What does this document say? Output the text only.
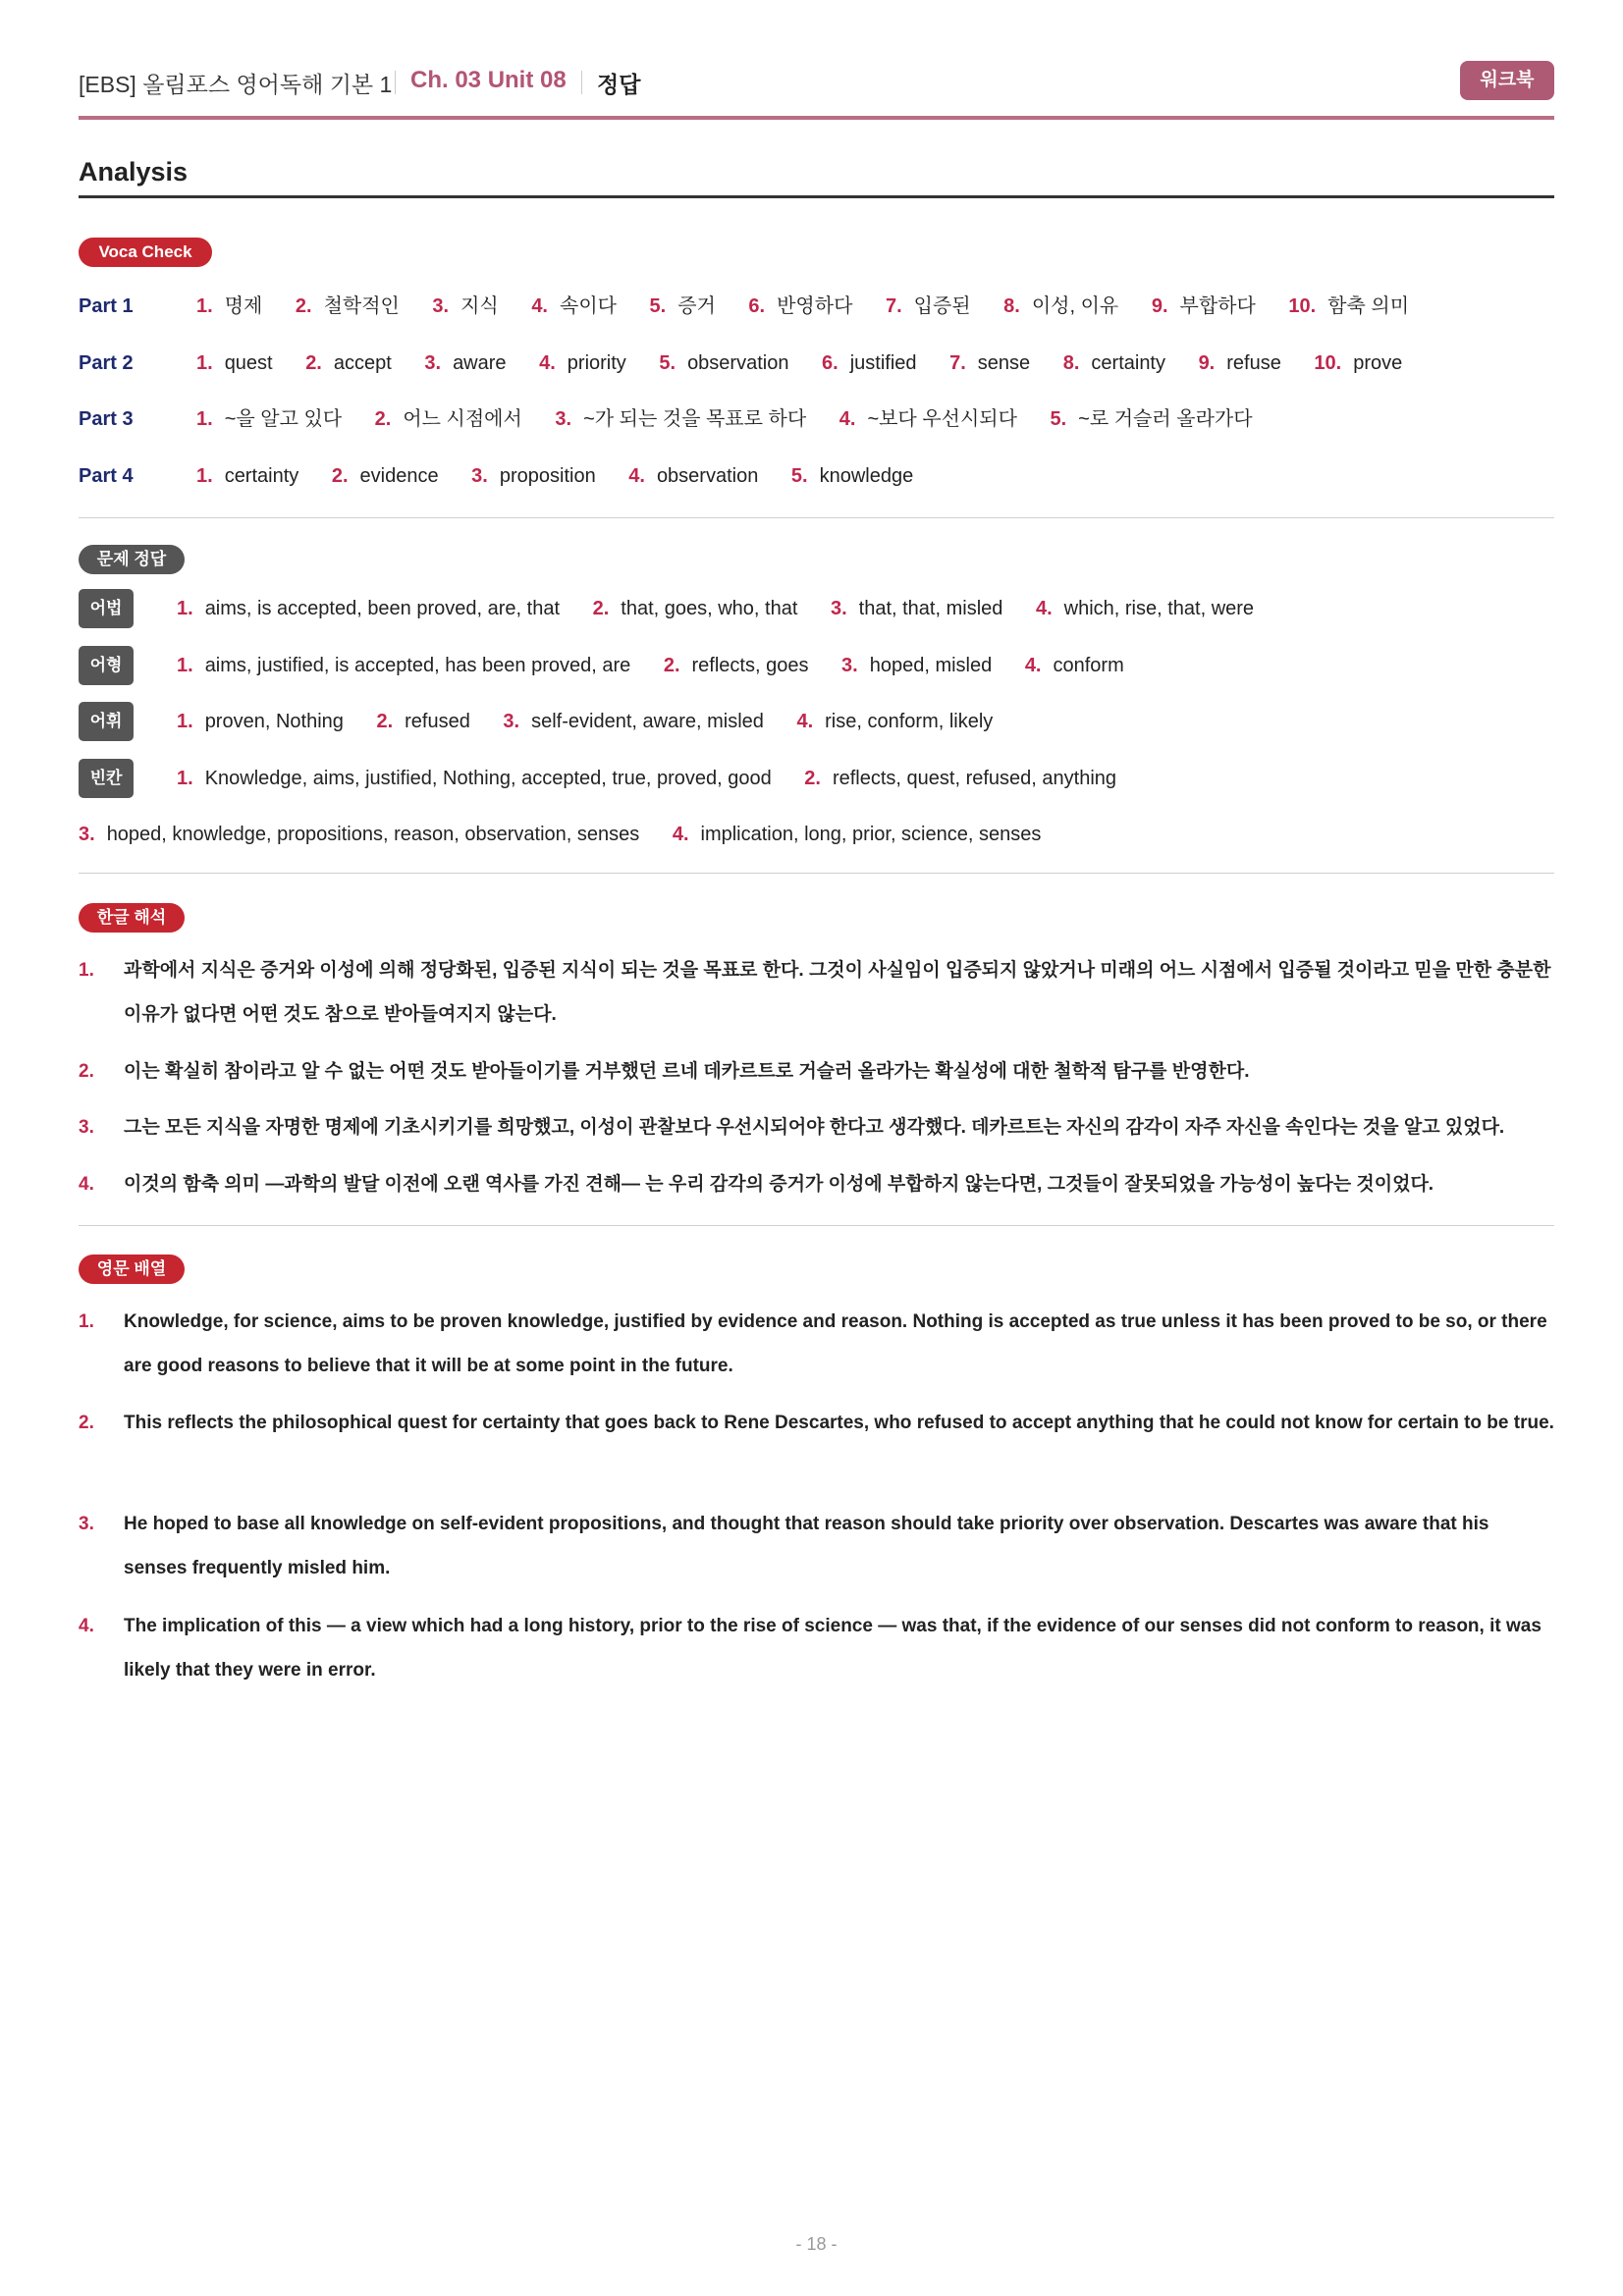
[EBS] 올림포스 영어독해 기본 1 Ch. 03 Unit 08 정답	워크북
Analysis
Voca Check
Part 1	1. 명제 2. 철학적인 3. 지식 4. 속이다 5. 증거 6. 반영하다 7. 입증된 8. 이성, 이유 9. 부합하다 10. 함축 의미
Part 2	1. quest 2. accept 3. aware 4. priority 5. observation 6. justified 7. sense 8. certainty 9. refuse 10. prove
Part 3	1. ~을 알고 있다 2. 어느 시점에서 3. ~가 되는 것을 목표로 하다 4. ~보다 우선시되다 5. ~로 거슬러 올라가다
Part 4	1. certainty 2. evidence 3. proposition 4. observation 5. knowledge
문제 정답
어법	1. aims, is accepted, been proved, are, that 2. that, goes, who, that 3. that, that, misled 4. which, rise, that, were
어형	1. aims, justified, is accepted, has been proved, are 2. reflects, goes 3. hoped, misled 4. conform
어휘	1. proven, Nothing 2. refused 3. self-evident, aware, misled 4. rise, conform, likely
빈칸	1. Knowledge, aims, justified, Nothing, accepted, true, proved, good 2. reflects, quest, refused, anything
3. hoped, knowledge, propositions, reason, observation, senses 4. implication, long, prior, science, senses
한글 해석
1. 과학에서 지식은 증거와 이성에 의해 정당화된, 입증된 지식이 되는 것을 목표로 한다. 그것이 사실임이 입증되지 않았거나 미래의 어느 시점에서 입증될 것이라고 믿을 만한 충분한 이유가 없다면 어떤 것도 참으로 받아들여지지 않는다.
2. 이는 확실히 참이라고 알 수 없는 어떤 것도 받아들이기를 거부했던 르네 데카르트로 거슬러 올라가는 확실성에 대한 철학적 탐구를 반영한다.
3. 그는 모든 지식을 자명한 명제에 기초시키기를 희망했고, 이성이 관찰보다 우선시되어야 한다고 생각했다. 데카르트는 자신의 감각이 자주 자신을 속인다는 것을 알고 있었다.
4. 이것의 함축 의미 ―과학의 발달 이전에 오랜 역사를 가진 견해― 는 우리 감각의 증거가 이성에 부합하지 않는다면, 그것들이 잘못되었을 가능성이 높다는 것이었다.
영문 배열
1. Knowledge, for science, aims to be proven knowledge, justified by evidence and reason. Nothing is accepted as true unless it has been proved to be so, or there are good reasons to believe that it will be at some point in the future.
2. This reflects the philosophical quest for certainty that goes back to Rene Descartes, who refused to accept anything that he could not know for certain to be true.
3. He hoped to base all knowledge on self-evident propositions, and thought that reason should take priority over observation. Descartes was aware that his senses frequently misled him.
4. The implication of this — a view which had a long history, prior to the rise of science — was that, if the evidence of our senses did not conform to reason, it was likely that they were in error.
- 18 -
